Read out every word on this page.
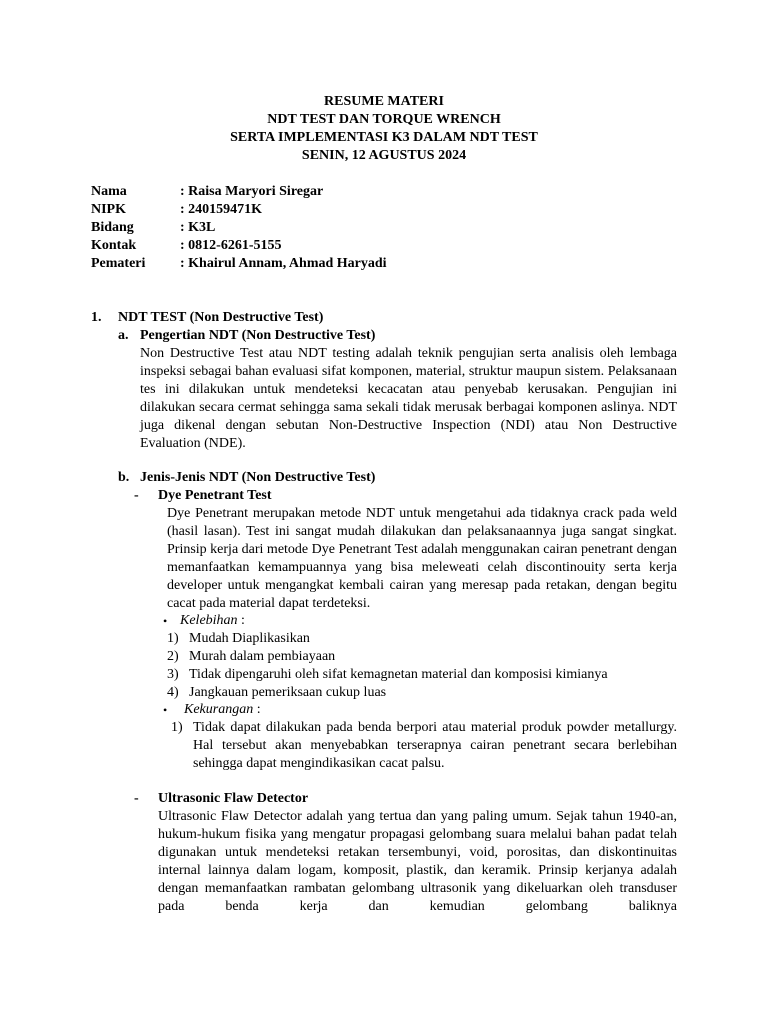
RESUME MATERI
NDT TEST DAN TORQUE WRENCH
SERTA IMPLEMENTASI K3 DALAM NDT TEST
SENIN, 12 AGUSTUS 2024
Nama	: Raisa Maryori Siregar
NIPK	: 240159471K
Bidang	: K3L
Kontak	: 0812-6261-5155
Pemateri : Khairul Annam, Ahmad Haryadi
1. NDT TEST (Non Destructive Test)
a. Pengertian NDT (Non Destructive Test)

Non Destructive Test atau NDT testing adalah teknik pengujian serta analisis oleh lembaga inspeksi sebagai bahan evaluasi sifat komponen, material, struktur maupun sistem. Pelaksanaan tes ini dilakukan untuk mendeteksi kecacatan atau penyebab kerusakan. Pengujian ini dilakukan secara cermat sehingga sama sekali tidak merusak berbagai komponen aslinya. NDT juga dikenal dengan sebutan Non-Destructive Inspection (NDI) atau Non Destructive Evaluation (NDE).

b. Jenis-Jenis NDT (Non Destructive Test)
- Dye Penetrant Test

Dye Penetrant merupakan metode NDT untuk mengetahui ada tidaknya crack pada weld (hasil lasan). Test ini sangat mudah dilakukan dan pelaksanaannya juga sangat singkat. Prinsip kerja dari metode Dye Penetrant Test adalah menggunakan cairan penetrant dengan memanfaatkan kemampuannya yang bisa meleweati celah discontinouity serta kerja developer untuk mengangkat kembali cairan yang meresap pada retakan, dengan begitu cacat pada material dapat terdeteksi.

• Kelebihan :
1) Mudah Diaplikasikan
2) Murah dalam pembiayaan
3) Tidak dipengaruhi oleh sifat kemagnetan material dan komposisi kimianya
4) Jangkauan pemeriksaan cukup luas
• Kekurangan :
1) Tidak dapat dilakukan pada benda berpori atau material produk powder metallurgy. Hal tersebut akan menyebabkan terserapnya cairan penetrant secara berlebihan sehingga dapat mengindikasikan cacat palsu.

- Ultrasonic Flaw Detector

Ultrasonic Flaw Detector adalah yang tertua dan yang paling umum. Sejak tahun 1940-an, hukum-hukum fisika yang mengatur propagasi gelombang suara melalui bahan padat telah digunakan untuk mendeteksi retakan tersembunyi, void, porositas, dan diskontinuitas internal lainnya dalam logam, komposit, plastik, dan keramik. Prinsip kerjanya adalah dengan memanfaatkan rambatan gelombang ultrasonik yang dikeluarkan oleh transduser pada benda kerja dan kemudian gelombang baliknya
